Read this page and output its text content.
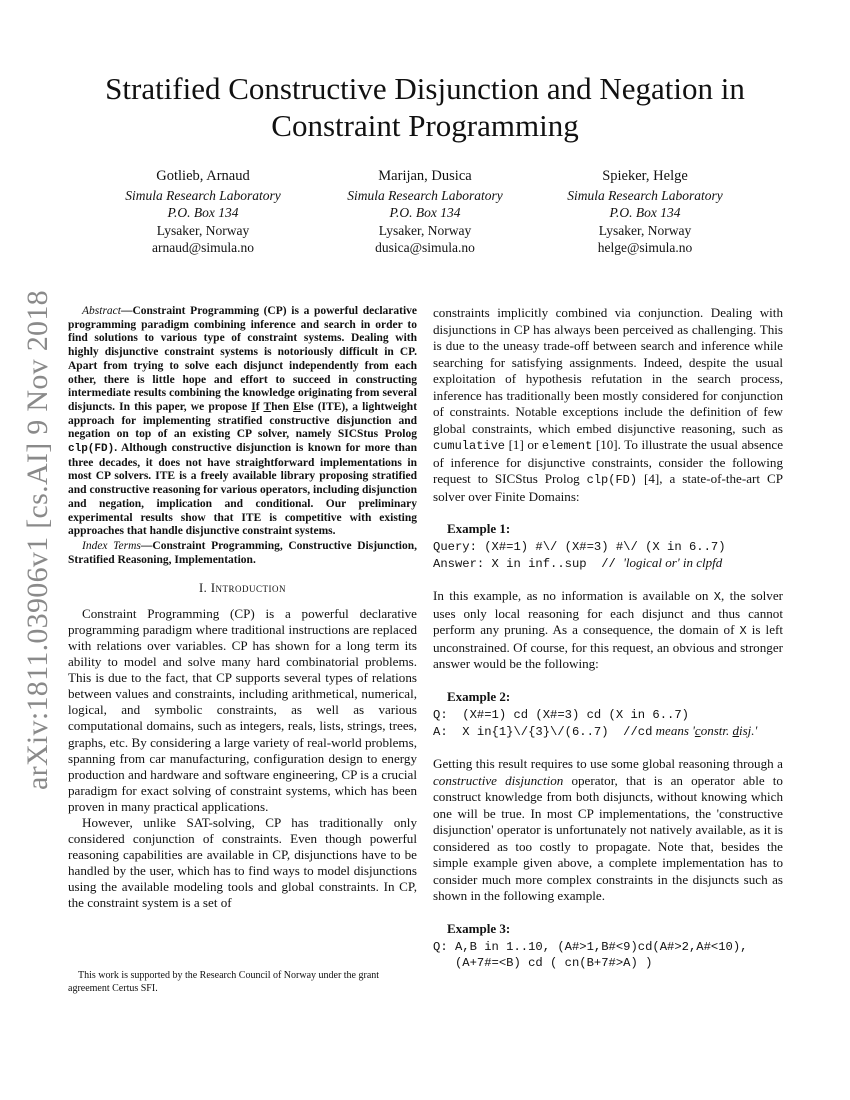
arXiv:1811.03906v1 [cs.AI] 9 Nov 2018
Stratified Constructive Disjunction and Negation in
Constraint Programming
Gotlieb, Arnaud
Simula Research Laboratory
P.O. Box 134
Lysaker, Norway
arnaud@simula.no
Marijan, Dusica
Simula Research Laboratory
P.O. Box 134
Lysaker, Norway
dusica@simula.no
Spieker, Helge
Simula Research Laboratory
P.O. Box 134
Lysaker, Norway
helge@simula.no

Abstract—Constraint Programming (CP) is a powerful declarative programming paradigm combining inference and search in order to find solutions to various type of constraint systems. Dealing with highly disjunctive constraint systems is notoriously difficult in CP. Apart from trying to solve each disjunct independently from each other, there is little hope and effort to succeed in constructing intermediate results combining the knowledge originating from several disjuncts. In this paper, we propose If Then Else (ITE), a lightweight approach for implementing stratified constructive disjunction and negation on top of an existing CP solver, namely SICStus Prolog clp(FD). Although constructive disjunction is known for more than three decades, it does not have straightforward implementations in most CP solvers. ITE is a freely available library proposing stratified and constructive reasoning for various operators, including disjunction and negation, implication and conditional. Our preliminary experimental results show that ITE is competitive with existing approaches that handle disjunctive constraint systems.

Index Terms—Constraint Programming, Constructive Disjunction, Stratified Reasoning, Implementation.

I. Introduction

Constraint Programming (CP) is a powerful declarative programming paradigm where traditional instructions are replaced with relations over variables. CP has shown for a long term its ability to model and solve many hard combinatorial problems. This is due to the fact, that CP supports several types of relations between values and constraints, including arithmetical, numerical, logical, and symbolic constraints, as well as various computational domains, such as integers, reals, lists, strings, trees, graphs, etc. By considering a large variety of real-world problems, spanning from car manufacturing, configuration design to energy production and hardware and software engineering, CP is a crucial paradigm for exact solving of constraint systems, which has been proven in many practical applications.

However, unlike SAT-solving, CP has traditionally only considered conjunction of constraints. Even though powerful reasoning capabilities are available in CP, disjunctions have to be handled by the user, which has to find ways to model disjunctions using the available modeling tools and global constraints. In CP, the constraint system is a set of

This work is supported by the Research Council of Norway under the grant agreement Certus SFI.

constraints implicitly combined via conjunction. Dealing with disjunctions in CP has always been perceived as challenging. This is due to the uneasy trade-off between search and inference while searching for satisfying assignments. Indeed, despite the usual exploitation of hypothesis refutation in the search process, inference has traditionally been mostly considered for conjunction of constraints. Notable exceptions include the definition of few global constraints, which embed disjunctive reasoning, such as cumulative [1] or element [10]. To illustrate the usual absence of inference for disjunctive constraints, consider the following request to SICStus Prolog clp(FD) [4], a state-of-the-art CP solver over Finite Domains:

Example 1:
Query: (X#=1) #\/ (X#=3) #\/ (X in 6..7)
Answer: X in inf..sup  // 'logical or' in clpfd

In this example, as no information is available on X, the solver uses only local reasoning for each disjunct and thus cannot perform any pruning. As a consequence, the domain of X is left unconstrained. Of course, for this request, an obvious and stronger answer would be the following:

Example 2:
Q:  (X#=1) cd (X#=3) cd (X in 6..7)
A:  X in{1}\/{3}\/(6..7)  //cd means 'constr. disj.'

Getting this result requires to use some global reasoning through a constructive disjunction operator, that is an operator able to construct knowledge from both disjuncts, without knowing which one will be true. In most CP implementations, the 'constructive disjunction' operator is unfortunately not natively available, as it is considered as too costly to propagate. Note that, besides the simple example given above, a complete implementation has to consider much more complex constraints in the disjuncts such as shown in the following example.

Example 3:
Q: A,B in 1..10, (A#>1,B#<9)cd(A#>2,A#<10),
(A+7#=<B) cd ( cn(B+7#>A) )
